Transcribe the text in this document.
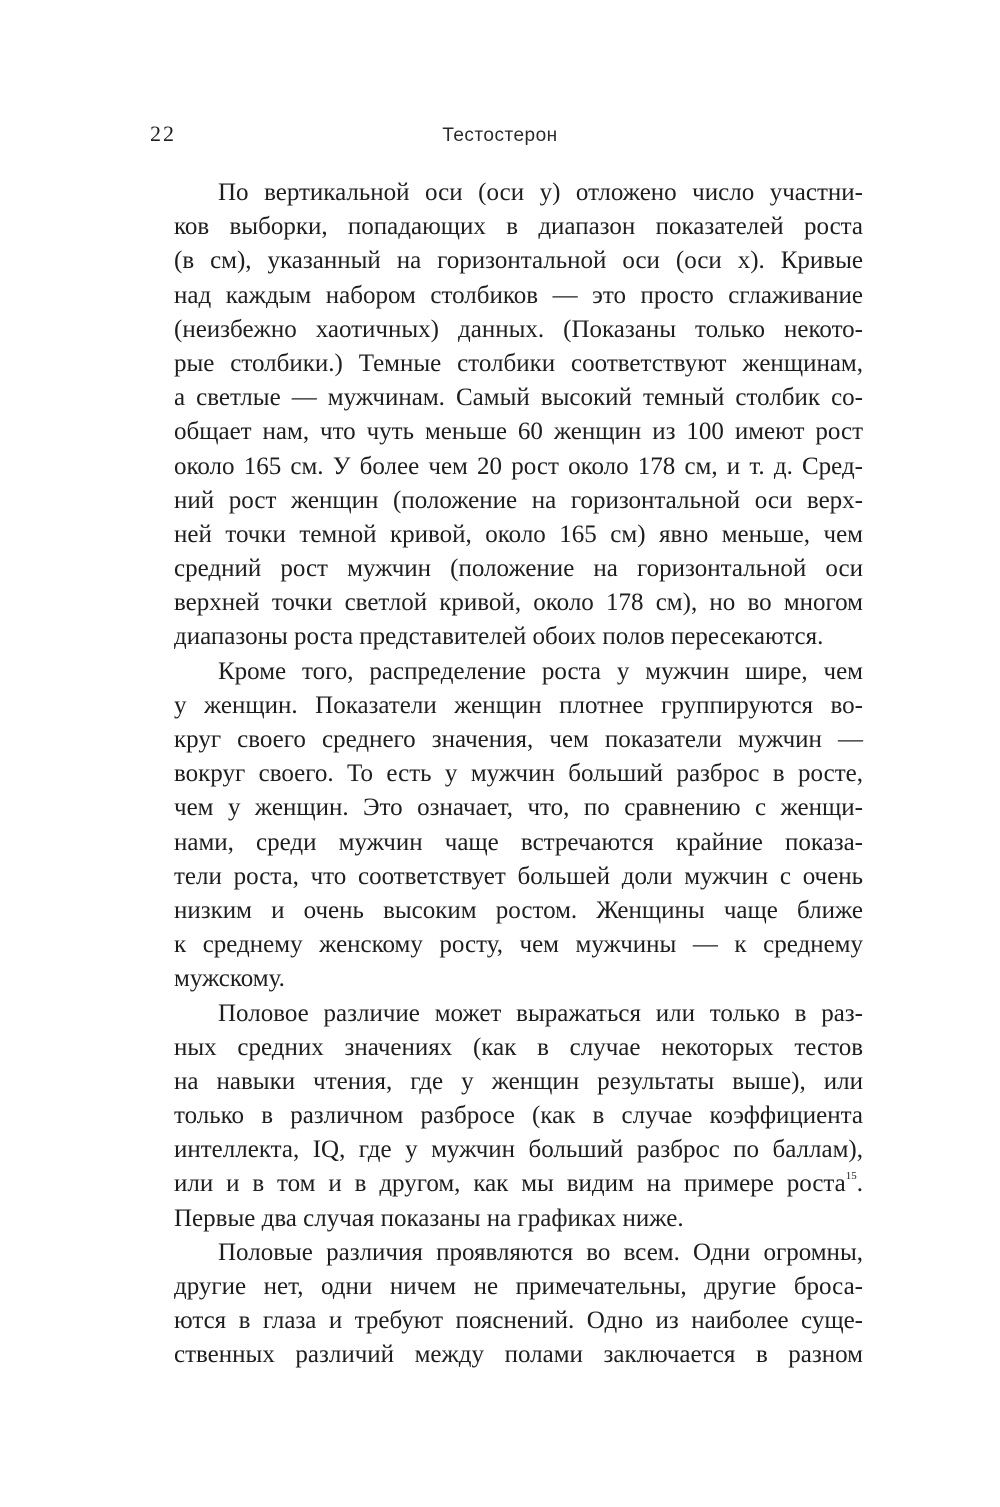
22	Тестостерон
По вертикальной оси (оси y) отложено число участни-
ков выборки, попадающих в диапазон показателей роста
(в см), указанный на горизонтальной оси (оси x). Кривые
над каждым набором столбиков — это просто сглаживание
(неизбежно хаотичных) данных. (Показаны только некото-
рые столбики.) Темные столбики соответствуют женщинам,
а светлые — мужчинам. Самый высокий темный столбик со-
общает нам, что чуть меньше 60 женщин из 100 имеют рост
около 165 см. У более чем 20 рост около 178 см, и т. д. Сред-
ний рост женщин (положение на горизонтальной оси верх-
ней точки темной кривой, около 165 см) явно меньше, чем
средний рост мужчин (положение на горизонтальной оси
верхней точки светлой кривой, около 178 см), но во многом
диапазоны роста представителей обоих полов пересекаются.
Кроме того, распределение роста у мужчин шире, чем
у женщин. Показатели женщин плотнее группируются во-
круг своего среднего значения, чем показатели мужчин —
вокруг своего. То есть у мужчин больший разброс в росте,
чем у женщин. Это означает, что, по сравнению с женщи-
нами, среди мужчин чаще встречаются крайние показа-
тели роста, что соответствует большей доли мужчин с очень
низким и очень высоким ростом. Женщины чаще ближе
к среднему женскому росту, чем мужчины — к среднему
мужскому.
Половое различие может выражаться или только в раз-
ных средних значениях (как в случае некоторых тестов
на навыки чтения, где у женщин результаты выше), или
только в различном разбросе (как в случае коэффициента
интеллекта, IQ, где у мужчин больший разброс по баллам),
или и в том и в другом, как мы видим на примере роста$^{15}$.
Первые два случая показаны на графиках ниже.
Половые различия проявляются во всем. Одни огромны,
другие нет, одни ничем не примечательны, другие броса-
ются в глаза и требуют пояснений. Одно из наиболее суще-
ственных различий между полами заключается в разном
